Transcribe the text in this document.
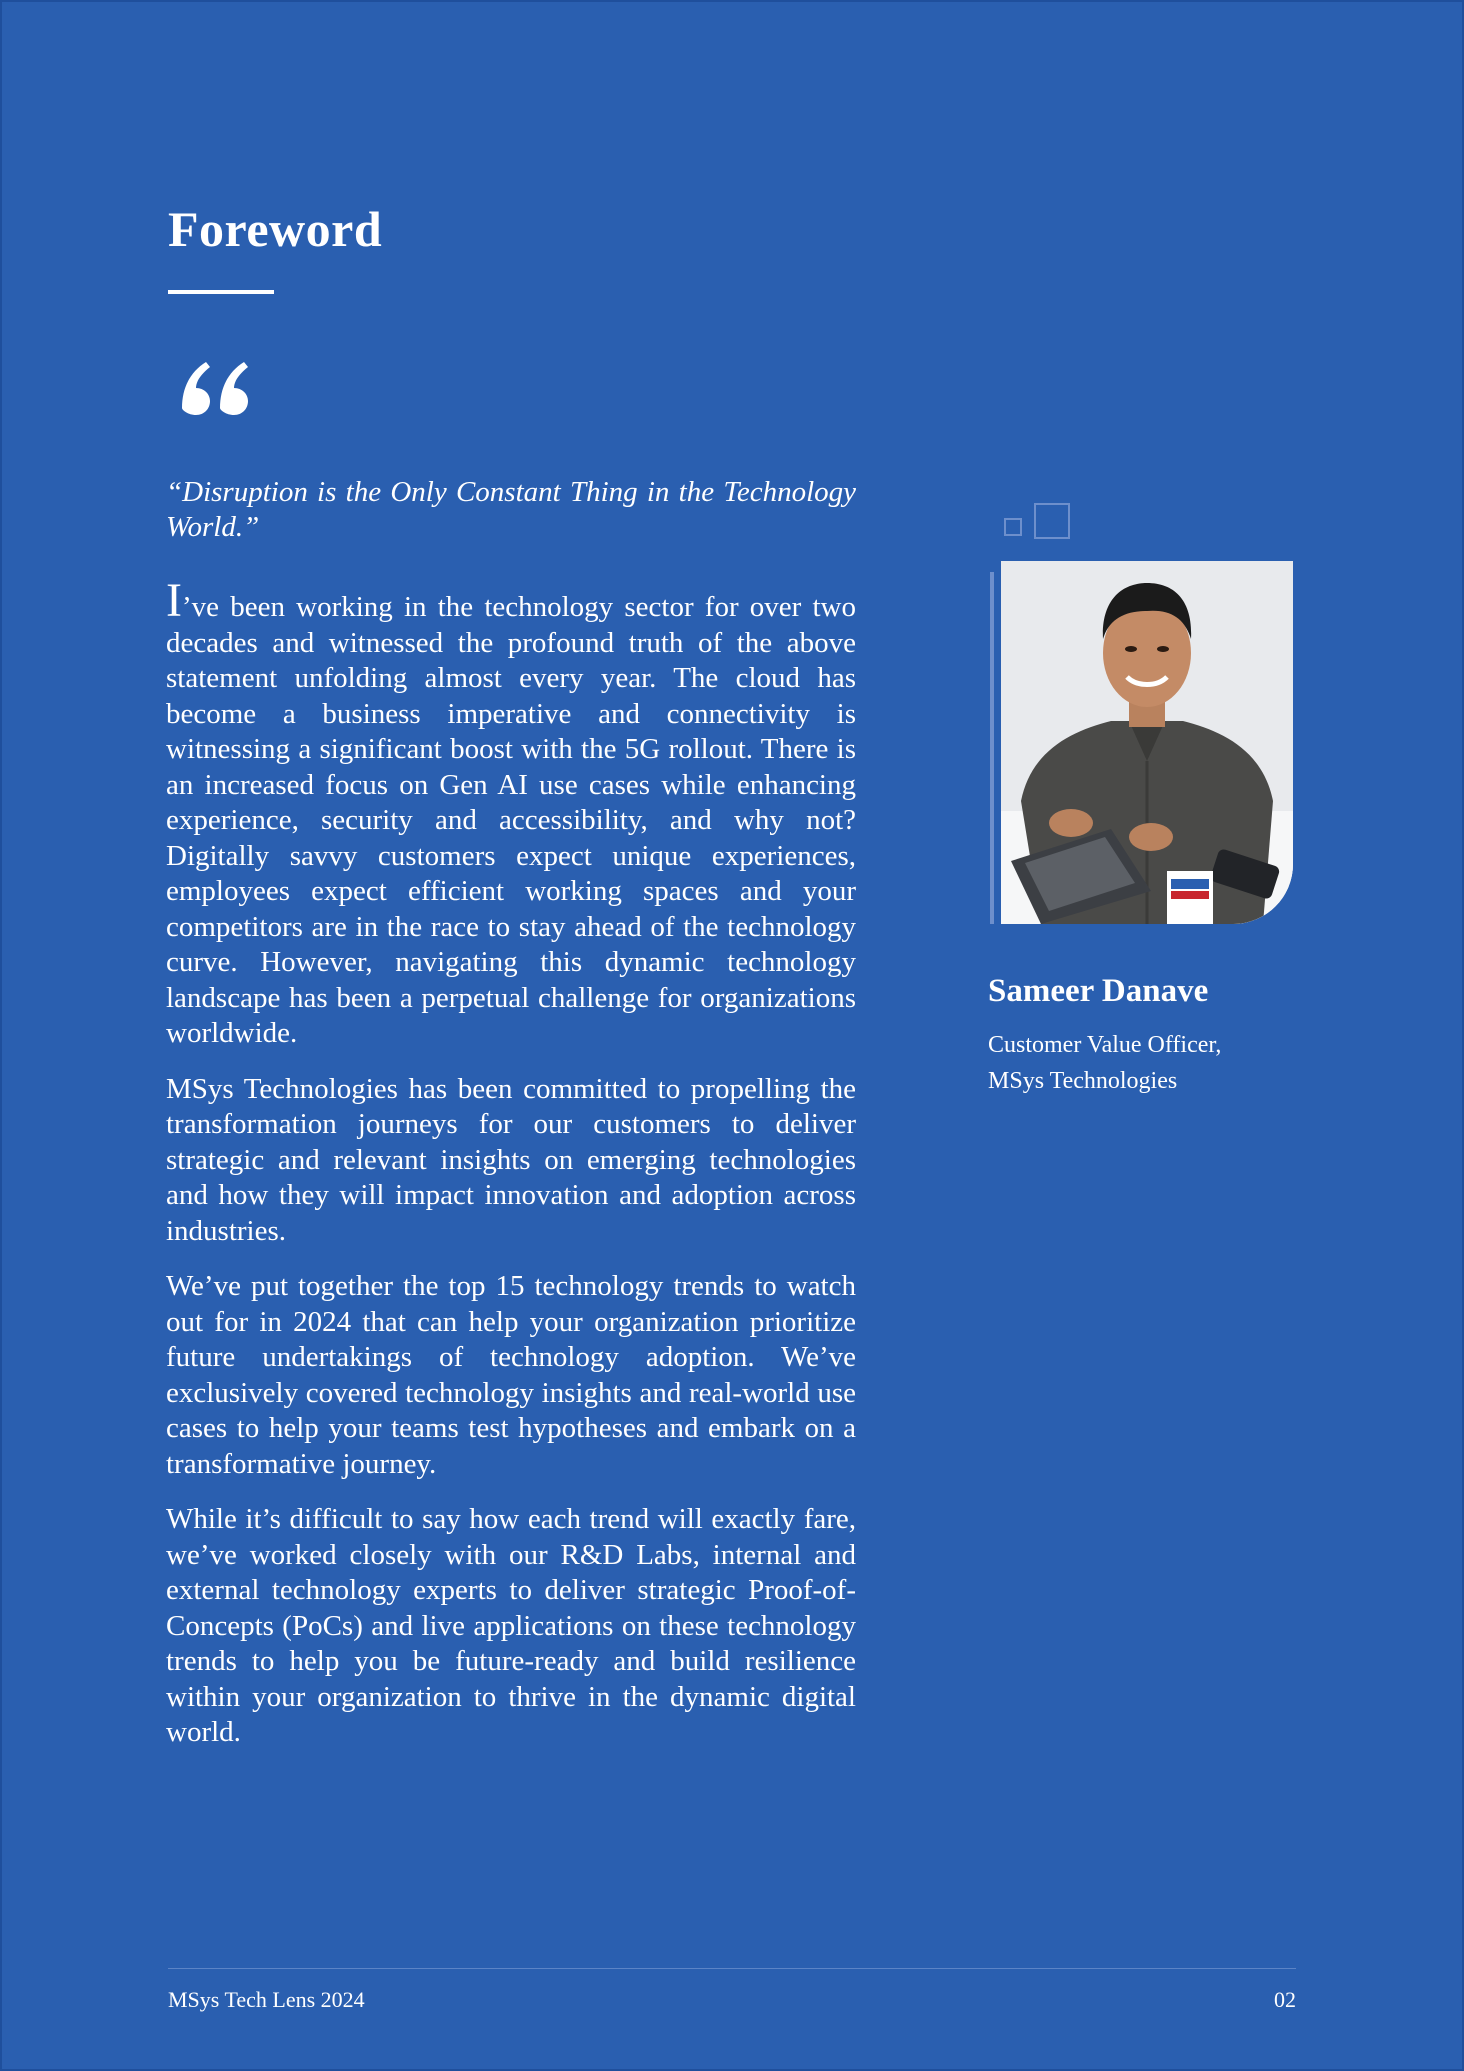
Foreword

“Disruption is the Only Constant Thing in the Technology World.”

I’ve been working in the technology sector for over two decades and witnessed the profound truth of the above statement unfolding almost every year. The cloud has become a business imperative and connectivity is witnessing a significant boost with the 5G rollout. There is an increased focus on Gen AI use cases while enhancing experience, security and accessibility, and why not? Digitally savvy customers expect unique experiences, employees expect efficient working spaces and your competitors are in the race to stay ahead of the technology curve. However, navigating this dynamic technology landscape has been a perpetual challenge for organizations worldwide.

MSys Technologies has been committed to propelling the transformation journeys for our customers to deliver strategic and relevant insights on emerging technologies and how they will impact innovation and adoption across industries.

We’ve put together the top 15 technology trends to watch out for in 2024 that can help your organization prioritize future undertakings of technology adoption. We’ve exclusively covered technology insights and real-world use cases to help your teams test hypotheses and embark on a transformative journey.

While it’s difficult to say how each trend will exactly fare, we’ve worked closely with our R&D Labs, internal and external technology experts to deliver strategic Proof-of-Concepts (PoCs) and live applications on these technology trends to help you be future-ready and build resilience within your organization to thrive in the dynamic digital world.

Sameer Danave
Customer Value Officer,
MSys Technologies
MSys Tech Lens 2024	02
